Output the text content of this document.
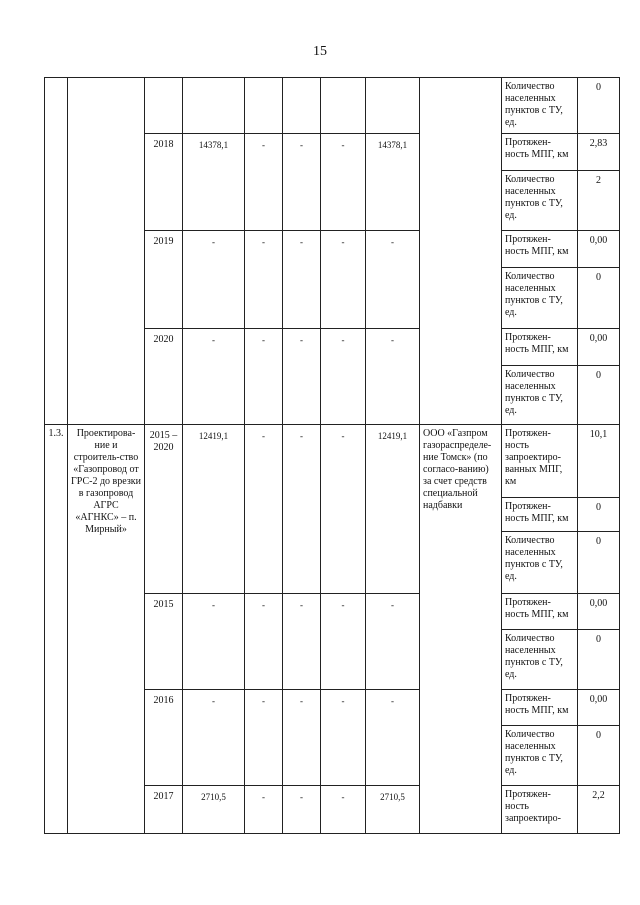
15
									Количество населенных пунктов с ТУ, ед.	0
		2018	14378,1	-	-	-	14378,1		Протяжен-ность МПГ, км	2,83
									Количество населенных пунктов с ТУ, ед.	2
		2019	-	-	-	-	-		Протяжен-ность МПГ, км	0,00
									Количество населенных пунктов с ТУ, ед.	0
		2020	-	-	-	-	-		Протяжен-ность МПГ, км	0,00
									Количество населенных пунктов с ТУ, ед.	0
1.3.	Проектирова-ние и строитель-ство «Газопровод от ГРС-2 до врезки в газопровод АГРС «АГНКС» – п. Мирный»	2015 – 2020	12419,1	-	-	-	12419,1	ООО «Газпром газораспределе-ние Томск» (по согласо-ванию) за счет средств специальной надбавки	Протяжен-ность запроектиро-ванных МПГ, км	10,1
									Протяжен-ность МПГ, км	0
									Количество населенных пунктов с ТУ, ед.	0
		2015	-	-	-	-	-		Протяжен-ность МПГ, км	0,00
									Количество населенных пунктов с ТУ, ед.	0
		2016	-	-	-	-	-		Протяжен-ность МПГ, км	0,00
									Количество населенных пунктов с ТУ, ед.	0
		2017	2710,5	-	-	-	2710,5		Протяжен-ность запроектиро-	2,2
